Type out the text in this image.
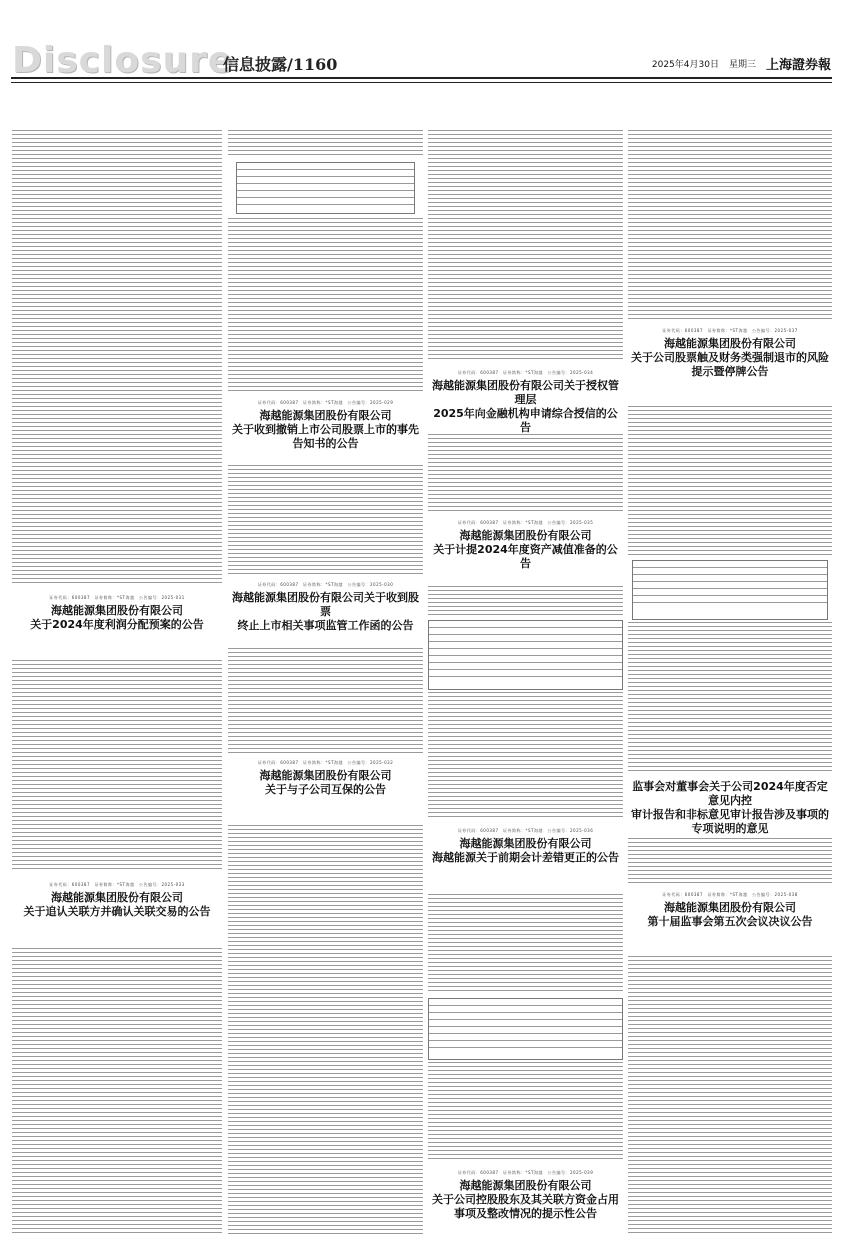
Disclosure
信息披露/1160	2025年4月30日 星期三 上海證券報
证券代码：600387　证券简称：*ST海越　公告编号：2025-031
海越能源集团股份有限公司
关于2024年度利润分配预案的公告
证券代码：600387　证券简称：*ST海越　公告编号：2025-033
海越能源集团股份有限公司
关于追认关联方并确认关联交易的公告
证券代码：600387　证券简称：*ST海越　公告编号：2025-029
海越能源集团股份有限公司
关于收到撤销上市公司股票上市的事先告知书的公告
证券代码：600387　证券简称：*ST海越　公告编号：2025-030
海越能源集团股份有限公司关于收到股票
终止上市相关事项监管工作函的公告
证券代码：600387　证券简称：*ST海越　公告编号：2025-032
海越能源集团股份有限公司
关于与子公司互保的公告
证券代码：600387　证券简称：*ST海越　公告编号：2025-034
海越能源集团股份有限公司关于授权管理层
2025年向金融机构申请综合授信的公告
证券代码：600387　证券简称：*ST海越　公告编号：2025-035
海越能源集团股份有限公司
关于计提2024年度资产减值准备的公告
证券代码：600387　证券简称：*ST海越　公告编号：2025-036
海越能源集团股份有限公司
海越能源关于前期会计差错更正的公告
证券代码：600387　证券简称：*ST海越　公告编号：2025-039
海越能源集团股份有限公司
关于公司控股股东及其关联方资金占用事项及整改情况的提示性公告
证券代码：600387　证券简称：*ST海越　公告编号：2025-037
海越能源集团股份有限公司
关于公司股票触及财务类强制退市的风险提示暨停牌公告
监事会对董事会关于公司2024年度否定意见内控
审计报告和非标意见审计报告涉及事项的专项说明的意见
证券代码：600387　证券简称：*ST海越　公告编号：2025-038
海越能源集团股份有限公司
第十届监事会第五次会议决议公告
